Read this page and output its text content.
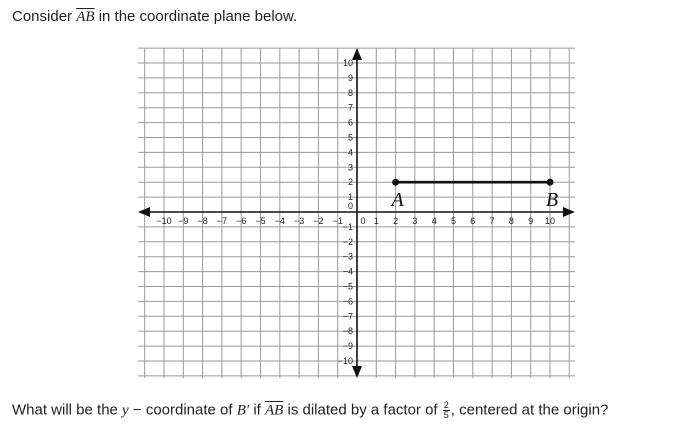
Consider $\overline{AB}$ in the coordinate plane below.
−10 −9 −8 −7 −6 −5 −4 −3 −2 −1	1 2 3 4 5 6 7 8 9 10
0
10
9
8
7
6
5
4
3
2
1
0
−1
−2
−3
−4
−5
−6
−7
−8
−9
−10
A	B
What will be the y − coordinate of B′ if $\overline{AB}$ is dilated by a factor of $\frac{2}{5}$ , centered at the origin?
